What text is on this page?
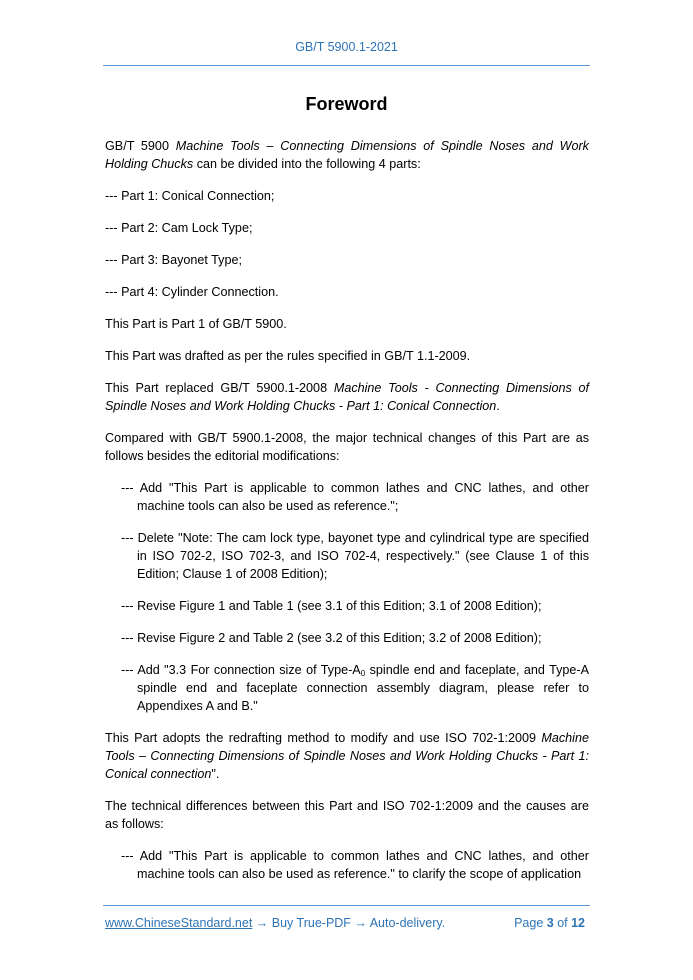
GB/T 5900.1-2021
Foreword

GB/T 5900 Machine Tools – Connecting Dimensions of Spindle Noses and Work Holding Chucks can be divided into the following 4 parts:

--- Part 1: Conical Connection;

--- Part 2: Cam Lock Type;

--- Part 3: Bayonet Type;

--- Part 4: Cylinder Connection.

This Part is Part 1 of GB/T 5900.

This Part was drafted as per the rules specified in GB/T 1.1-2009.

This Part replaced GB/T 5900.1-2008 Machine Tools - Connecting Dimensions of Spindle Noses and Work Holding Chucks - Part 1: Conical Connection.

Compared with GB/T 5900.1-2008, the major technical changes of this Part are as follows besides the editorial modifications:

--- Add "This Part is applicable to common lathes and CNC lathes, and other machine tools can also be used as reference.";
--- Delete "Note: The cam lock type, bayonet type and cylindrical type are specified in ISO 702-2, ISO 702-3, and ISO 702-4, respectively." (see Clause 1 of this Edition; Clause 1 of 2008 Edition);
--- Revise Figure 1 and Table 1 (see 3.1 of this Edition; 3.1 of 2008 Edition);
--- Revise Figure 2 and Table 2 (see 3.2 of this Edition; 3.2 of 2008 Edition);
--- Add "3.3 For connection size of Type-$A_0$ spindle end and faceplate, and Type-A spindle end and faceplate connection assembly diagram, please refer to Appendixes A and B."

This Part adopts the redrafting method to modify and use ISO 702-1:2009 Machine Tools – Connecting Dimensions of Spindle Noses and Work Holding Chucks - Part 1: Conical connection".

The technical differences between this Part and ISO 702-1:2009 and the causes are as follows:

--- Add "This Part is applicable to common lathes and CNC lathes, and other machine tools can also be used as reference." to clarify the scope of application
www.ChineseStandard.net → Buy True-PDF → Auto-delivery.	Page 3 of 12
